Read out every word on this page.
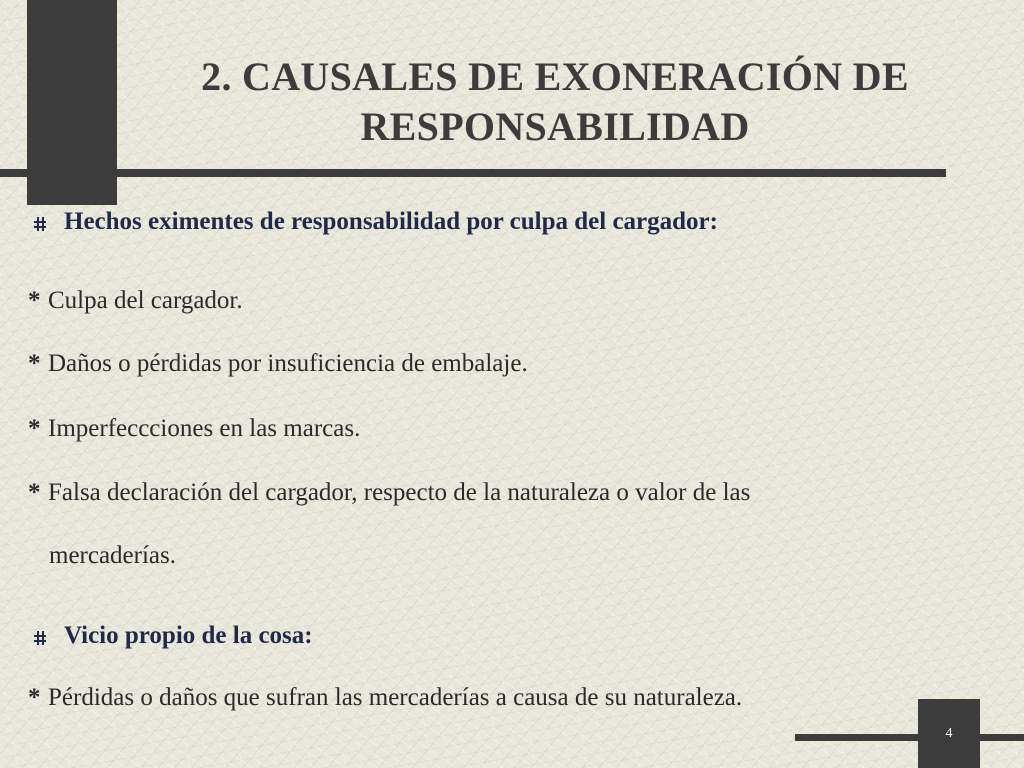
2. CAUSALES DE EXONERACIÓN DE
RESPONSABILIDAD

Hechos eximentes de responsabilidad por culpa del cargador:

* Culpa del cargador.

* Daños o pérdidas por insuficiencia de embalaje.

* Imperfeccciones en las marcas.

* Falsa declaración del cargador, respecto de la naturaleza o valor de las

mercaderías.

Vicio propio de la cosa:

* Pérdidas o daños que sufran las mercaderías a causa de su naturaleza.

4
